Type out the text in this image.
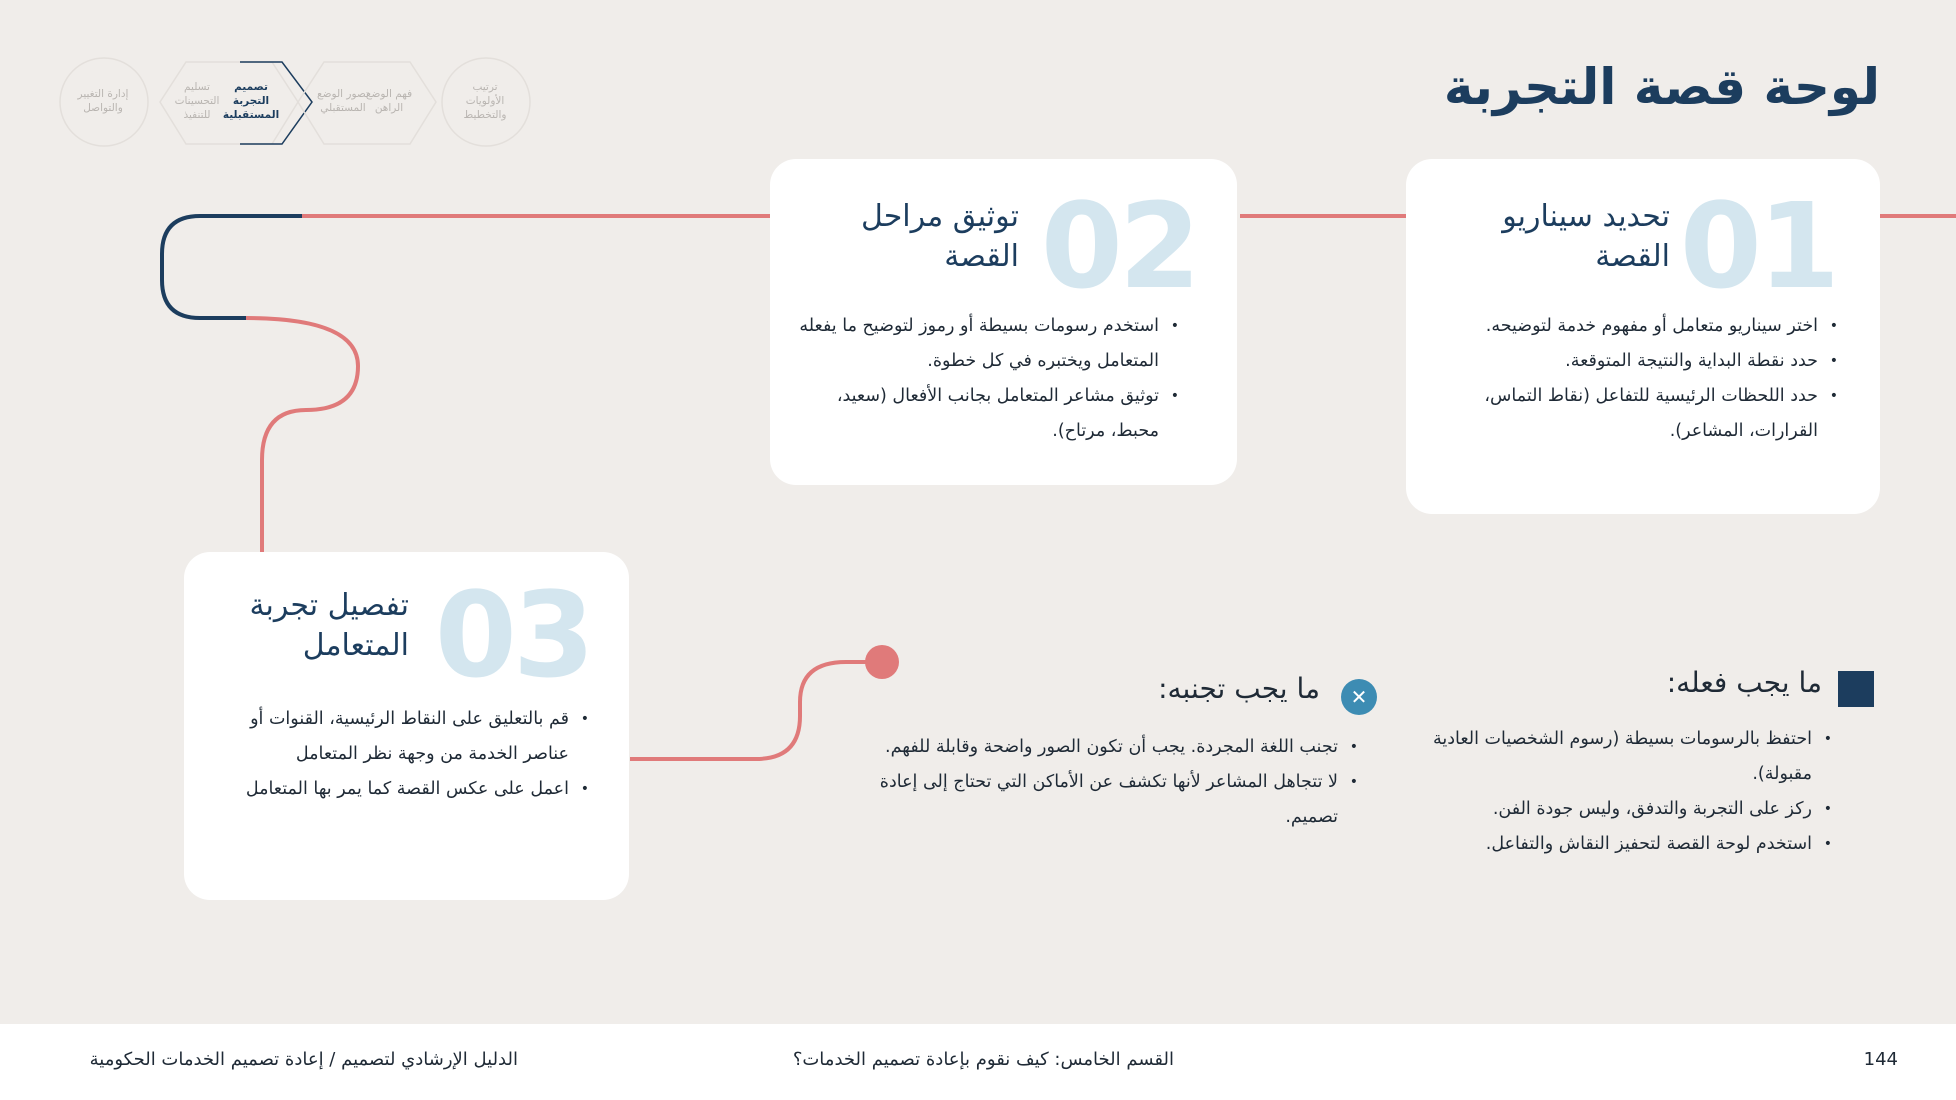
لوحة قصة التجربة
إدارة التغيير والتواصل
تسليم التحسينات للتنفيذ
تصميم التجربة المستقبلية
تصور الوضع المستقبلي
فهم الوضع الراهن
ترتيب الأولويات والتخطيط
01
تحديد سيناريو
القصة
• اختر سيناريو متعامل أو مفهوم خدمة لتوضيحه.
• حدد نقطة البداية والنتيجة المتوقعة.
• حدد اللحظات الرئيسية للتفاعل (نقاط التماس، القرارات، المشاعر).
02
توثيق مراحل
القصة
• استخدم رسومات بسيطة أو رموز لتوضيح ما يفعله المتعامل ويختبره في كل خطوة.
• توثيق مشاعر المتعامل بجانب الأفعال (سعيد، محبط، مرتاح).
03
تفصيل تجربة
المتعامل
• قم بالتعليق على النقاط الرئيسية، القنوات أو عناصر الخدمة من وجهة نظر المتعامل
• اعمل على عكس القصة كما يمر بها المتعامل
ما يجب فعله:
• احتفظ بالرسومات بسيطة (رسوم الشخصيات العادية مقبولة).
• ركز على التجربة والتدفق، وليس جودة الفن.
• استخدم لوحة القصة لتحفيز النقاش والتفاعل.
✕
ما يجب تجنبه:
• تجنب اللغة المجردة. يجب أن تكون الصور واضحة وقابلة للفهم.
• لا تتجاهل المشاعر لأنها تكشف عن الأماكن التي تحتاج إلى إعادة تصميم.
144
القسم الخامس: كيف نقوم بإعادة تصميم الخدمات؟
الدليل الإرشادي لتصميم / إعادة تصميم الخدمات الحكومية
